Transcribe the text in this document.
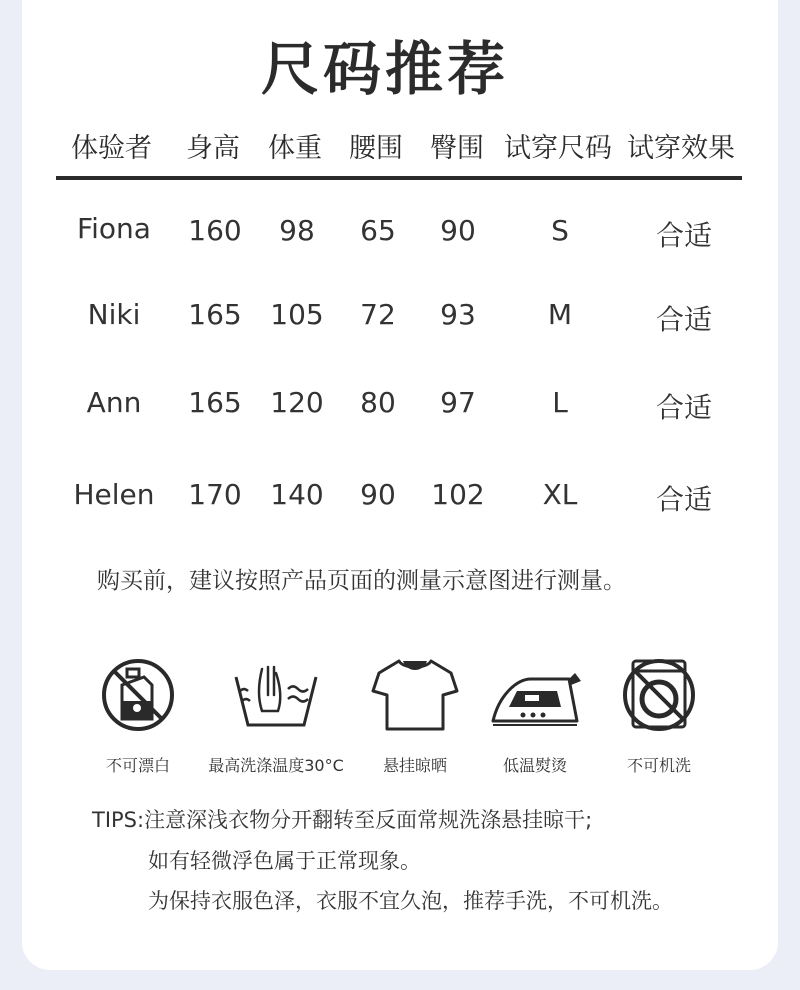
尺码推荐
体验者 身高 体重 腰围 臀围 试穿尺码 试穿效果
Fiona 160 98 65 90	S	合适
Niki 165 105 72 93	M	合适
Ann 165 120 80 97	L	合适
Helen 170 140 90 102 XL	合适
购买前，建议按照产品页面的测量示意图进行测量。
不可漂白	最高洗涤温度30°C	悬挂晾晒	低温熨烫	不可机洗
TIPS:注意深浅衣物分开翻转至反面常规洗涤悬挂晾干;
如有轻微浮色属于正常现象。
为保持衣服色泽，衣服不宜久泡，推荐手洗，不可机洗。
